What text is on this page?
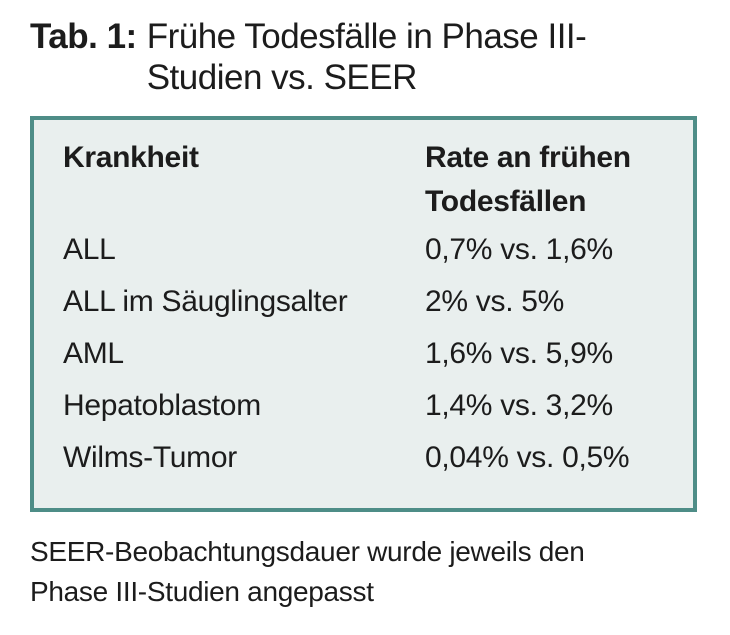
Tab. 1: Frühe Todesfälle in Phase III-
Studien vs. SEER
Krankheit	Rate an frühen Todesfällen
ALL	0,7% vs. 1,6%
ALL im Säuglingsalter	2% vs. 5%
AML	1,6% vs. 5,9%
Hepatoblastom	1,4% vs. 3,2%
Wilms-Tumor	0,04% vs. 0,5%
SEER-Beobachtungsdauer wurde jeweils den
Phase III-Studien angepasst
